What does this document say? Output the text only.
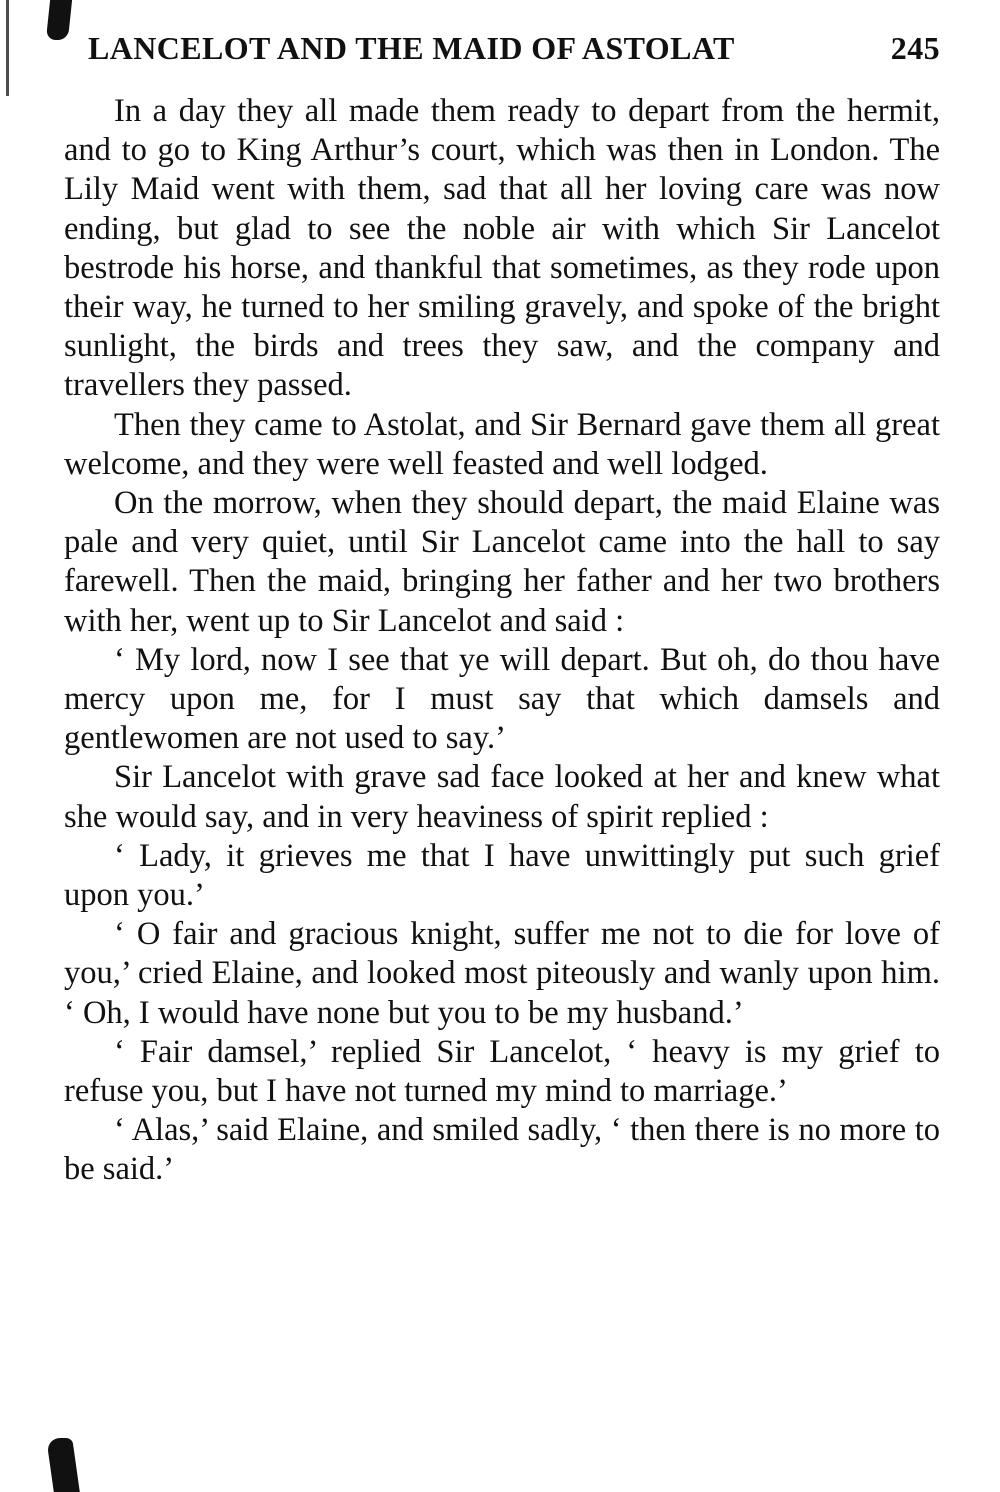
LANCELOT AND THE MAID OF ASTOLAT	245

In a day they all made them ready to depart from the hermit, and to go to King Arthur’s court, which was then in London. The Lily Maid went with them, sad that all her loving care was now ending, but glad to see the noble air with which Sir Lancelot bestrode his horse, and thankful that sometimes, as they rode upon their way, he turned to her smiling gravely, and spoke of the bright sunlight, the birds and trees they saw, and the company and travellers they passed.

Then they came to Astolat, and Sir Bernard gave them all great welcome, and they were well feasted and well lodged.

On the morrow, when they should depart, the maid Elaine was pale and very quiet, until Sir Lancelot came into the hall to say farewell. Then the maid, bringing her father and her two brothers with her, went up to Sir Lancelot and said :

‘ My lord, now I see that ye will depart. But oh, do thou have mercy upon me, for I must say that which damsels and gentlewomen are not used to say.’

Sir Lancelot with grave sad face looked at her and knew what she would say, and in very heaviness of spirit replied :

‘ Lady, it grieves me that I have unwittingly put such grief upon you.’

‘ O fair and gracious knight, suffer me not to die for love of you,’ cried Elaine, and looked most piteously and wanly upon him. ‘ Oh, I would have none but you to be my husband.’

‘ Fair damsel,’ replied Sir Lancelot, ‘ heavy is my grief to refuse you, but I have not turned my mind to marriage.’

‘ Alas,’ said Elaine, and smiled sadly, ‘ then there is no more to be said.’
